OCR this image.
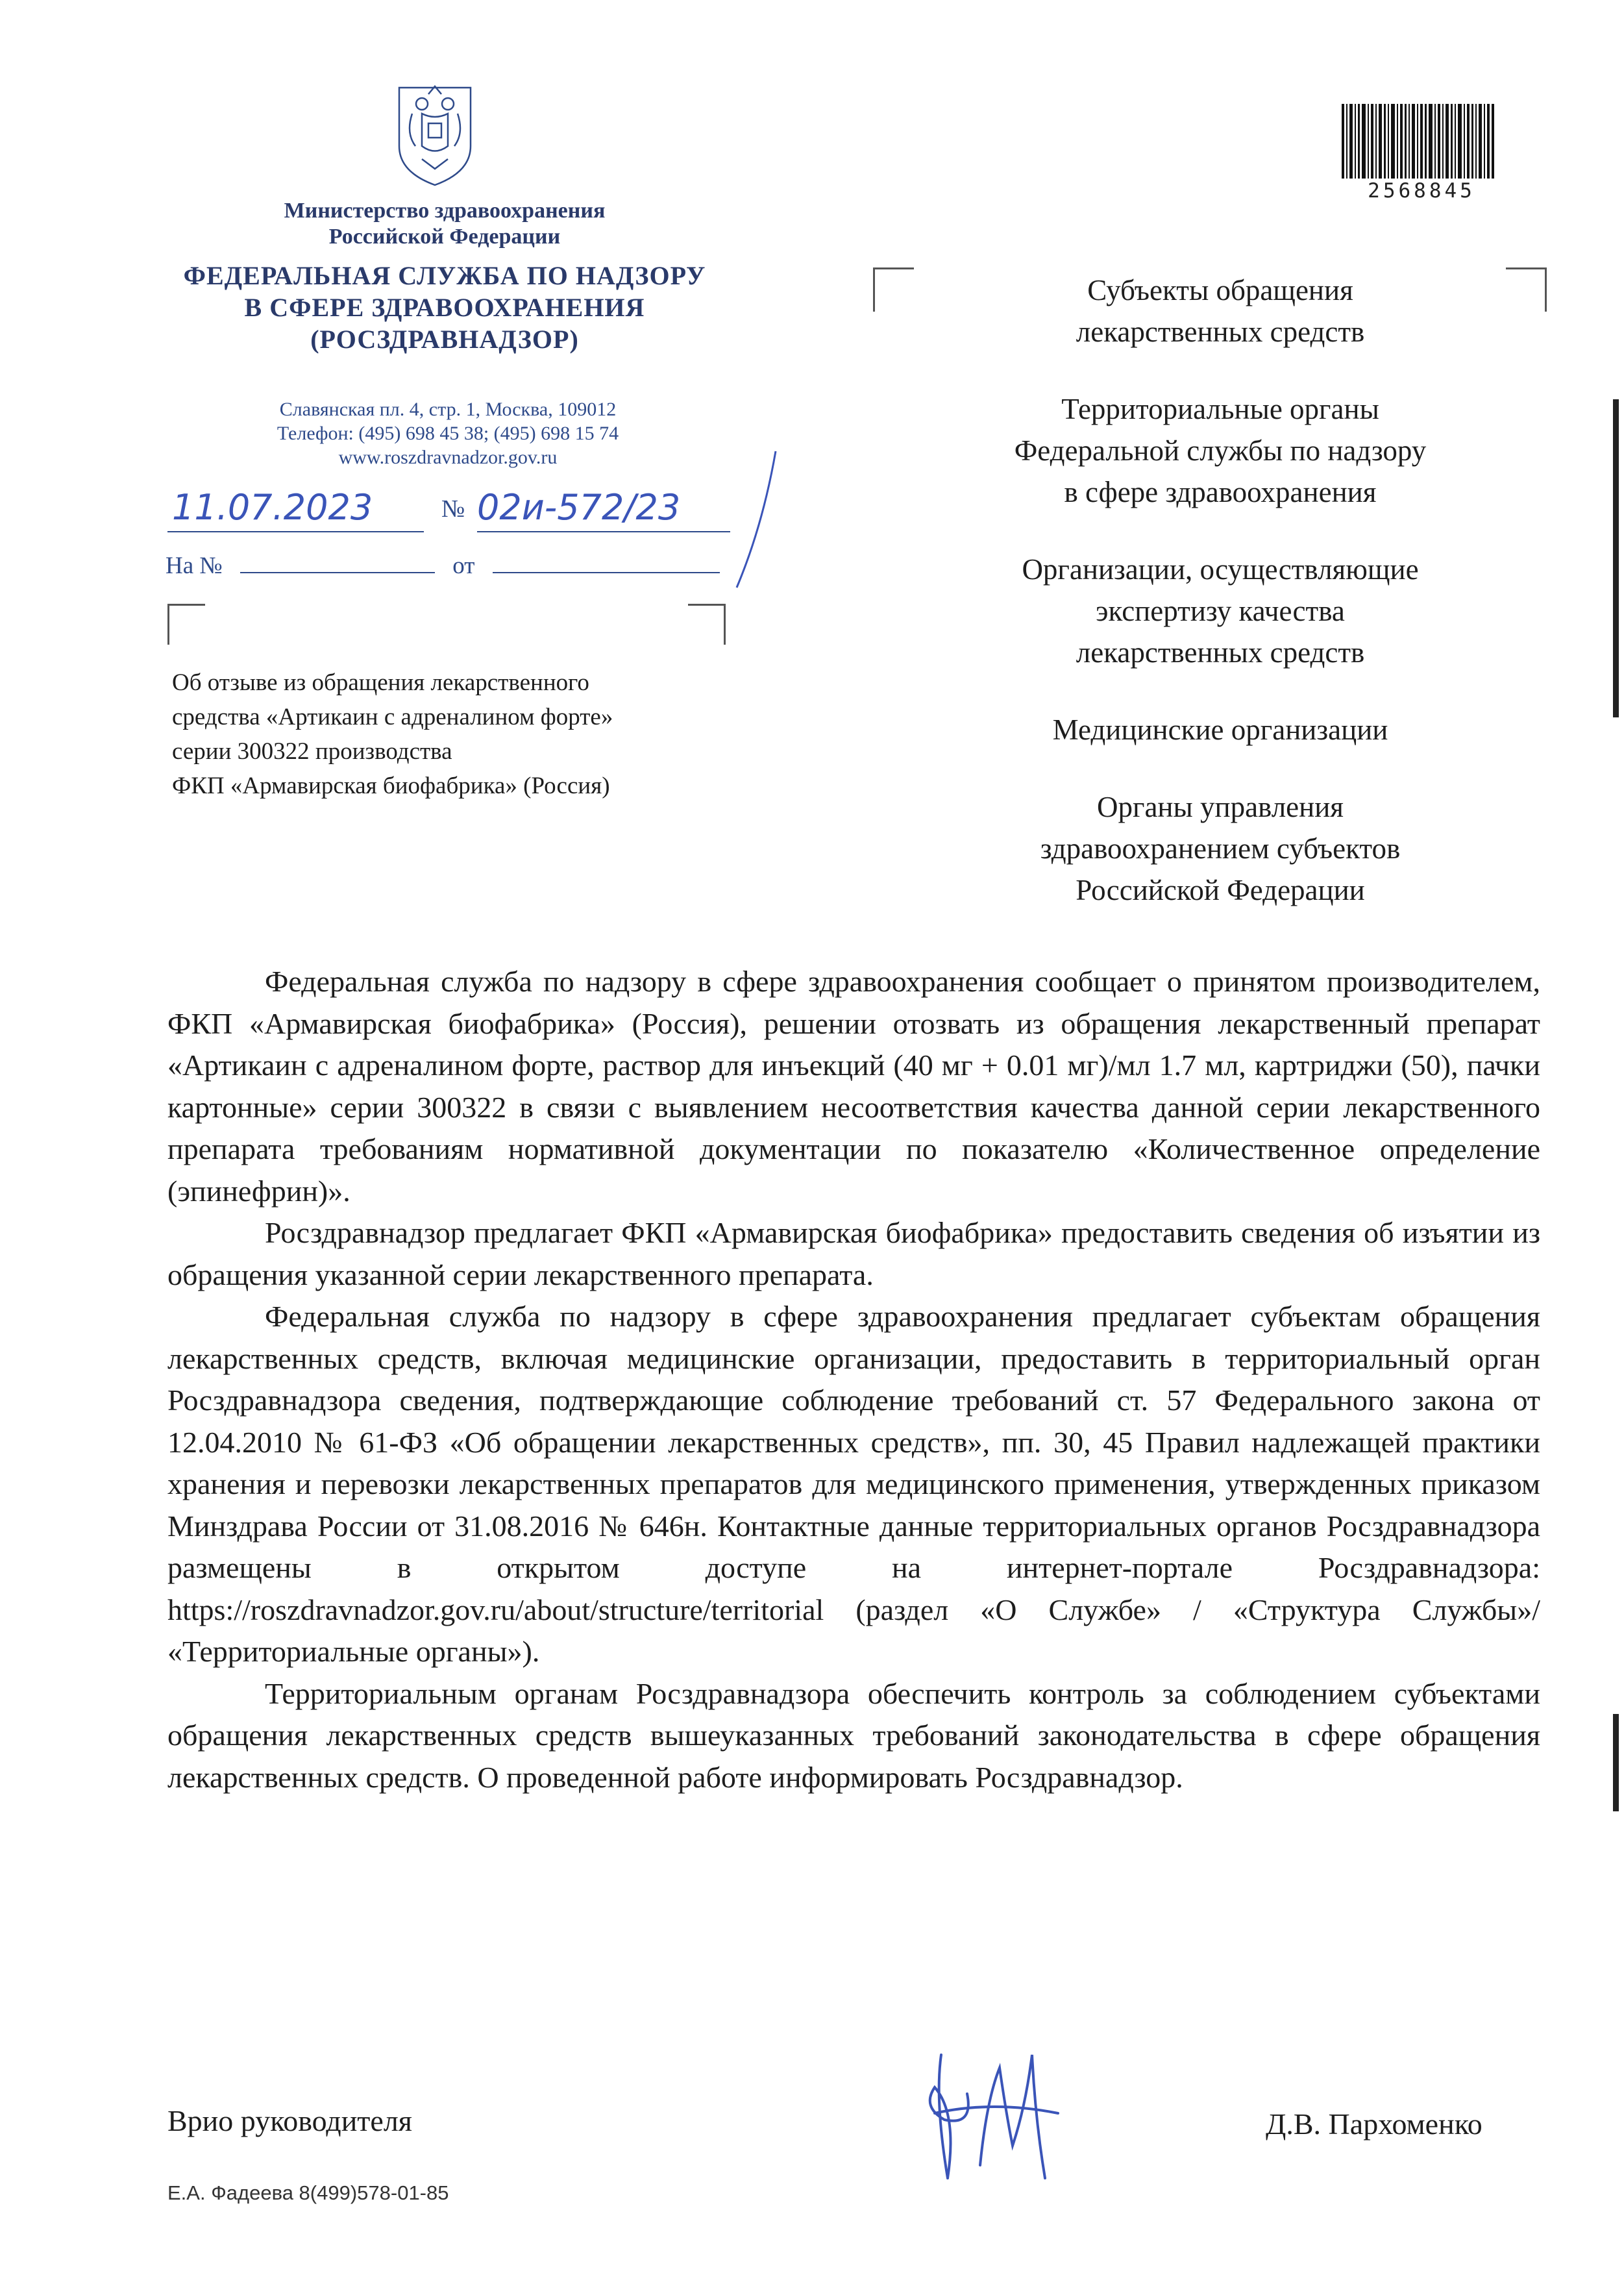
Министерство здравоохранения
Российской Федерации
ФЕДЕРАЛЬНАЯ СЛУЖБА ПО НАДЗОРУ
В СФЕРЕ ЗДРАВООХРАНЕНИЯ
(РОСЗДРАВНАДЗОР)
Славянская пл. 4, стр. 1, Москва, 109012
Телефон: (495) 698 45 38; (495) 698 15 74
www.roszdravnadzor.gov.ru
11.07.2023	№ 02и-572/23
На №	от
Об отзыве из обращения лекарственного
средства «Артикаин с адреналином форте»
серии 300322 производства
ФКП «Армавирская биофабрика» (Россия)
2568845
Субъекты обращения
лекарственных средств
Территориальные органы
Федеральной службы по надзору
в сфере здравоохранения
Организации, осуществляющие
экспертизу качества
лекарственных средств
Медицинские организации
Органы управления
здравоохранением субъектов
Российской Федерации

Федеральная служба по надзору в сфере здравоохранения сообщает о принятом производителем, ФКП «Армавирская биофабрика» (Россия), решении отозвать из обращения лекарственный препарат «Артикаин с адреналином форте, раствор для инъекций (40 мг + 0.01 мг)/мл 1.7 мл, картриджи (50), пачки картонные» серии 300322 в связи с выявлением несоответствия качества данной серии лекарственного препарата требованиям нормативной документации по показателю «Количественное определение (эпинефрин)».

Росздравнадзор предлагает ФКП «Армавирская биофабрика» предоставить сведения об изъятии из обращения указанной серии лекарственного препарата.

Федеральная служба по надзору в сфере здравоохранения предлагает субъектам обращения лекарственных средств, включая медицинские организации, предоставить в территориальный орган Росздравнадзора сведения, подтверждающие соблюдение требований ст. 57 Федерального закона от 12.04.2010 № 61-ФЗ «Об обращении лекарственных средств», пп. 30, 45 Правил надлежащей практики хранения и перевозки лекарственных препаратов для медицинского применения, утвержденных приказом Минздрава России от 31.08.2016 № 646н. Контактные данные территориальных органов Росздравнадзора размещены в открытом доступе на интернет-портале Росздравнадзора: https://roszdravnadzor.gov.ru/about/structure/territorial (раздел «О Службе» / «Структура Службы»/ «Территориальные органы»).

Территориальным органам Росздравнадзора обеспечить контроль за соблюдением субъектами обращения лекарственных средств вышеуказанных требований законодательства в сфере обращения лекарственных средств. О проведенной работе информировать Росздравнадзор.

Врио руководителя	Д.В. Пархоменко
Е.А. Фадеева 8(499)578-01-85
